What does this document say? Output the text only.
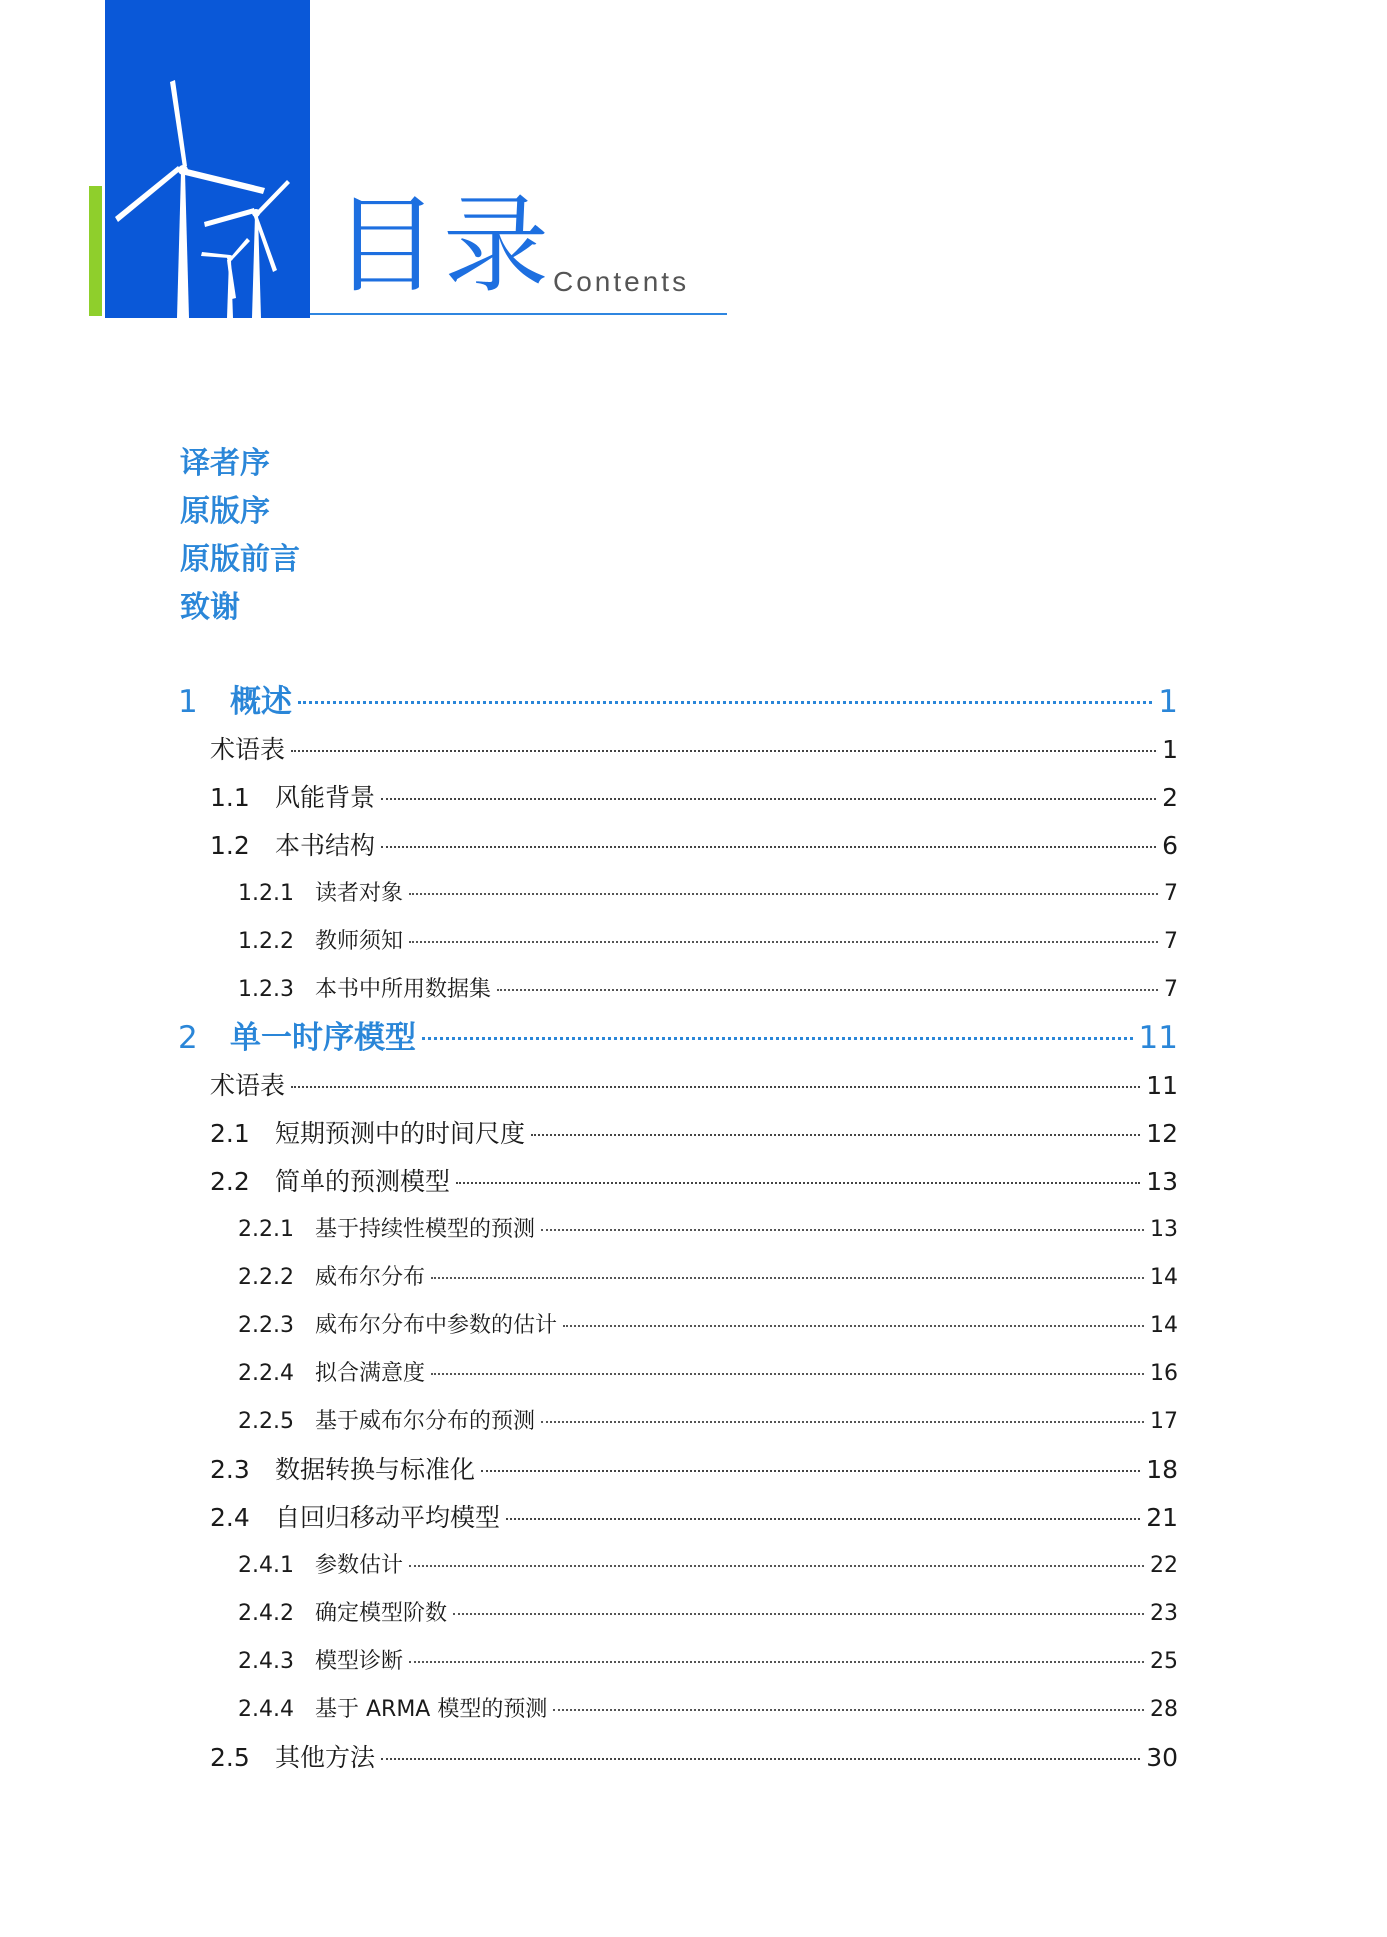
目录 Contents
译者序
原版序
原版前言
致谢
1	概述	1
术语表	1
1.1	风能背景	2
1.2	本书结构	6
1.2.1 读者对象	7
1.2.2 教师须知	7
1.2.3 本书中所用数据集	7
2	单一时序模型	11
术语表	11
2.1	短期预测中的时间尺度	12
2.2	简单的预测模型	13
2.2.1 基于持续性模型的预测	13
2.2.2 威布尔分布	14
2.2.3 威布尔分布中参数的估计	14
2.2.4 拟合满意度	16
2.2.5 基于威布尔分布的预测	17
2.3	数据转换与标准化	18
2.4	自回归移动平均模型	21
2.4.1 参数估计	22
2.4.2 确定模型阶数	23
2.4.3 模型诊断	25
2.4.4 基于 ARMA 模型的预测	28
2.5	其他方法	30
